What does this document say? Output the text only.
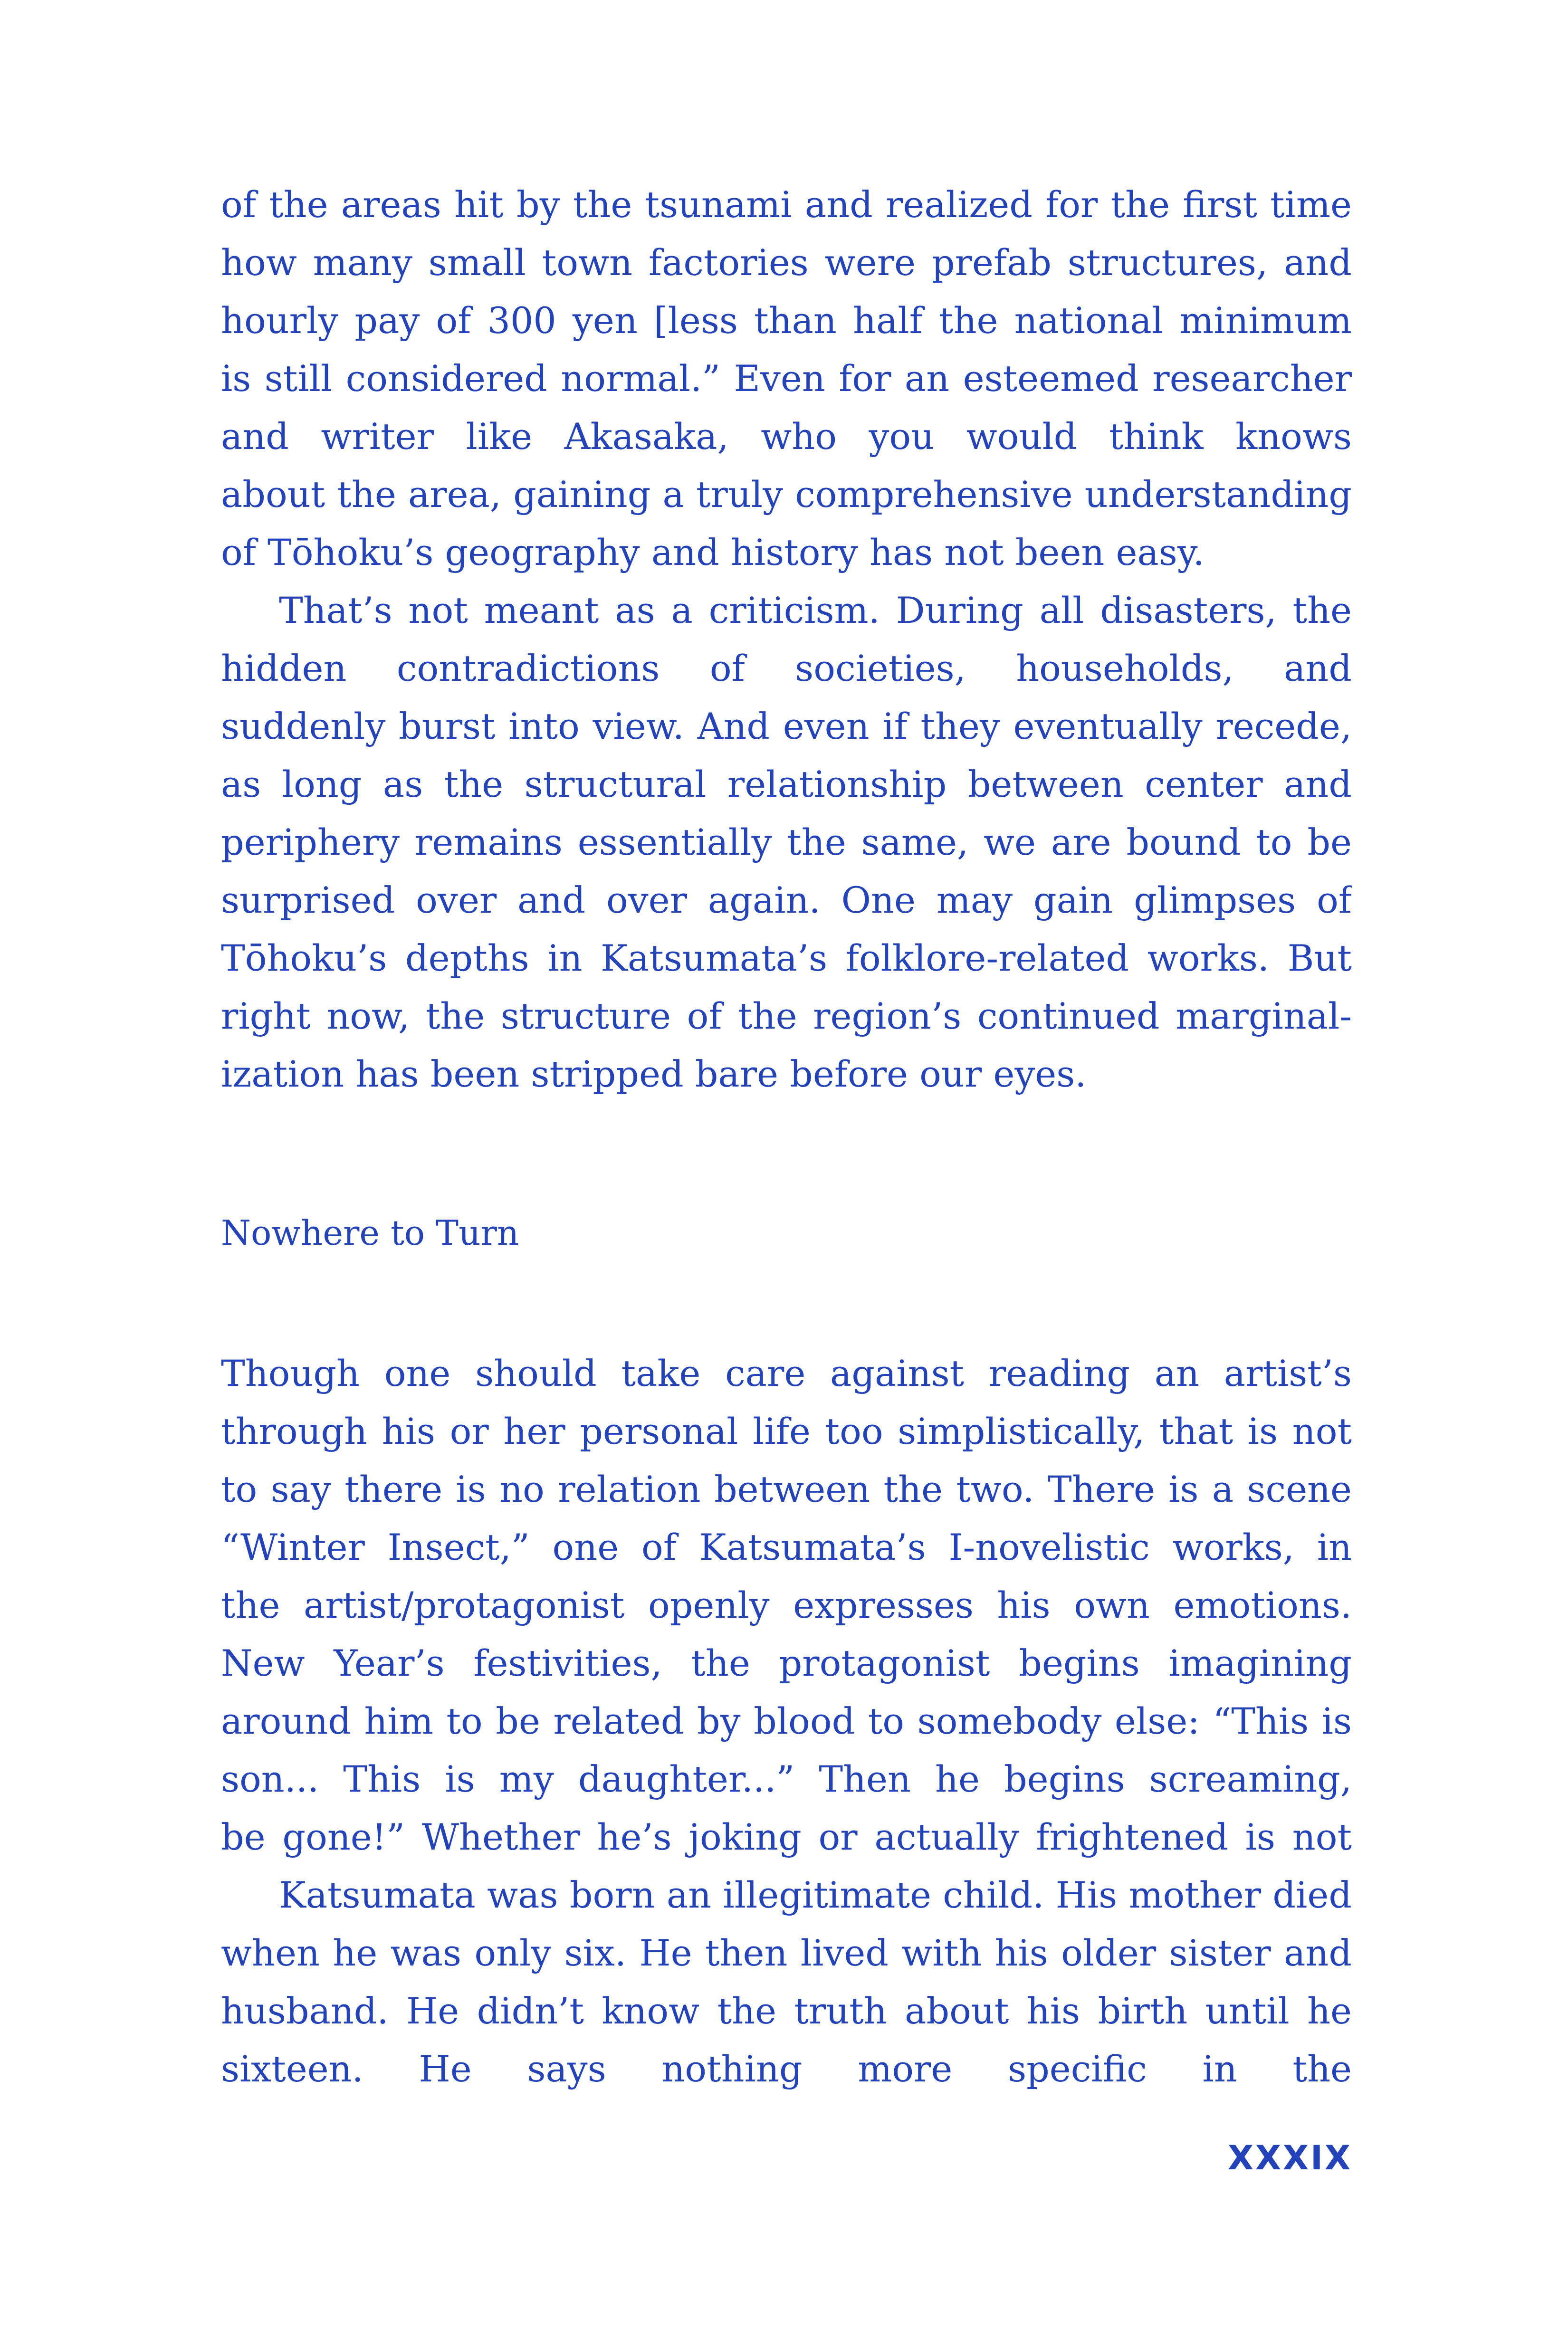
of the areas hit by the tsunami and realized for the first time
how many small town factories were prefab structures, and
hourly pay of 300 yen [less than half the national minimum
is still considered normal.” Even for an esteemed researcher
and writer like Akasaka, who you would think knows
about the area, gaining a truly comprehensive understanding
of Tōhoku’s geography and history has not been easy.
That’s not meant as a criticism. During all disasters, the
hidden contradictions of societies, households, and
suddenly burst into view. And even if they eventually recede,
as long as the structural relationship between center and
periphery remains essentially the same, we are bound to be
surprised over and over again. One may gain glimpses of
Tōhoku’s depths in Katsumata’s folklore-related works. But
right now, the structure of the region’s continued marginal-
ization has been stripped bare before our eyes.
Nowhere to Turn
Though one should take care against reading an artist’s
through his or her personal life too simplistically, that is not
to say there is no relation between the two. There is a scene
“Winter Insect,” one of Katsumata’s I-novelistic works, in
the artist/protagonist openly expresses his own emotions.
New Year’s festivities, the protagonist begins imagining
around him to be related by blood to somebody else: “This is
son... This is my daughter...” Then he begins screaming,
be gone!” Whether he’s joking or actually frightened is not
Katsumata was born an illegitimate child. His mother died
when he was only six. He then lived with his older sister and
husband. He didn’t know the truth about his birth until he
sixteen. He says nothing more specific in the
XXXIX
